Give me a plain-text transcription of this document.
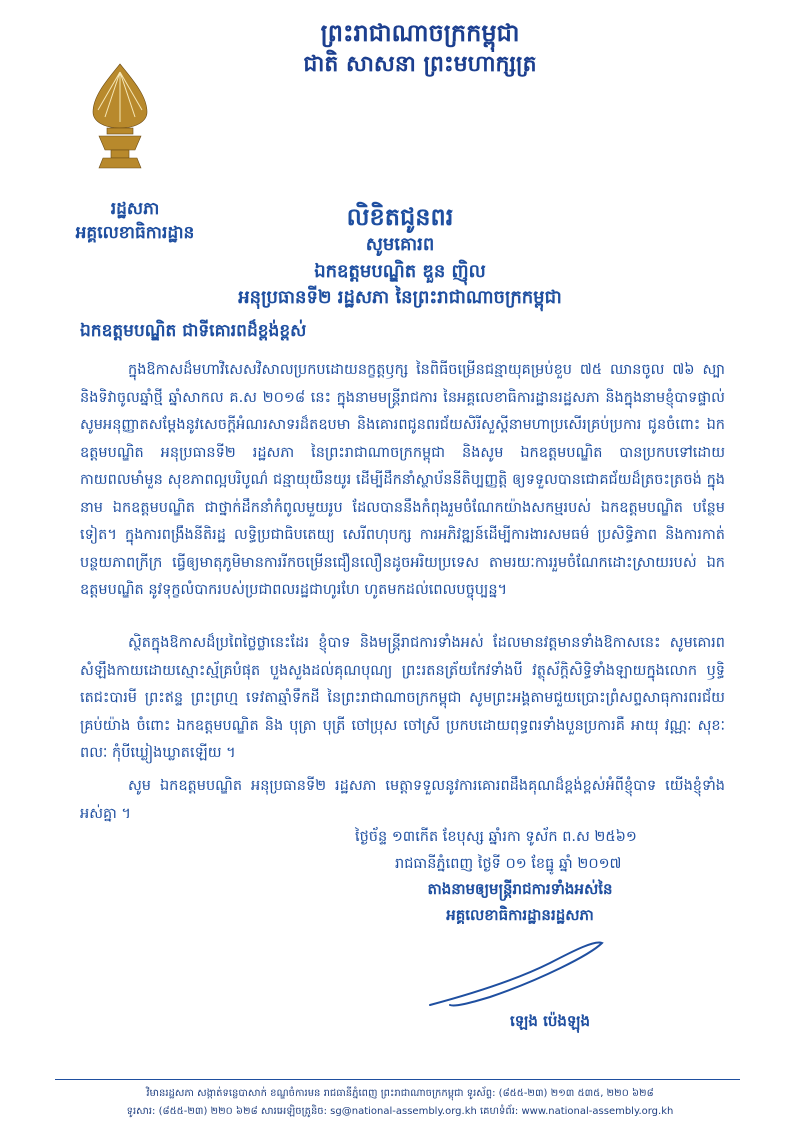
ព្រះរាជាណាចក្រកម្ពុជា
ជាតិ សាសនា ព្រះមហាក្សត្រ
រដ្ឋសភា
អគ្គលេខាធិការដ្ឋាន
លិខិតជូនពរ
សូមគោរព
ឯកឧត្តមបណ្ឌិត ឌួន ញ៉ិល
អនុប្រធានទី២ រដ្ឋសភា នៃព្រះរាជាណាចក្រកម្ពុជា
ឯកឧត្តមបណ្ឌិត ជាទីគោរពដ៏ខ្ពង់ខ្ពស់
ក្នុងឱកាសដ៏មហាវិសេសវិសាលប្រកបដោយនក្ខត្តឫក្ស នៃពិធីចម្រើនជន្មាយុគម្រប់ខួប ៧៥ ឈានចូល ៧៦ ស្បា និងទិវាចូលឆ្នាំថ្មី ឆ្នាំសាកល គ.ស ២០១៨ នេះ ក្នុងនាមមន្ត្រីរាជការ នៃអគ្គលេខាធិការដ្ឋានរដ្ឋសភា និងក្នុងនាមខ្ញុំបាទផ្ទាល់ សូមអនុញ្ញាតសម្តែងនូវសេចក្តីអំណរសាទរដ៏តឧបមា និងគោរពជូនពរជ័យសិរីសួស្តីនាមហាប្រសើរគ្រប់ប្រការ ជូនចំពោះ ឯកឧត្តមបណ្ឌិត អនុប្រធានទី២ រដ្ឋសភា នៃព្រះរាជាណាចក្រកម្ពុជា និងសូម ឯកឧត្តមបណ្ឌិត បានប្រកបទៅដោយកាយពលមាំមួន សុខភាពល្អបរិបូណ៌ ជន្មាយុយឺនយូរ ដើម្បីដឹកនាំស្ថាប័ននីតិប្បញ្ញត្តិ ឲ្យទទួលបានជោគជ័យដ៏ត្រចះត្រចង់ ក្នុងនាម ឯកឧត្តមបណ្ឌិត ជាថ្នាក់ដឹកនាំកំពូលមួយរូប ដែលបាននឹងកំពុងរួមចំណែកយ៉ាងសកម្មរបស់ ឯកឧត្តមបណ្ឌិត បន្ថែមទៀត។ ក្នុងការពង្រឹងនីតិរដ្ឋ លទ្ធិប្រជាធិបតេយ្យ សេរីពហុបក្ស ការអភិវឌ្ឍន៍ដើម្បីការងារសមធម៌ ប្រសិទ្ធិភាព និងការកាត់បន្ថយភាពក្រីក្រ ធ្វើឲ្យមាតុភូមិមានការរីកចម្រើនជឿនលឿនដូចអរិយប្រទេស តាមរយៈការរួមចំណែកដោះស្រាយរបស់ ឯកឧត្តមបណ្ឌិត នូវទុក្ខលំបាករបស់ប្រជាពលរដ្ឋជាហូរហែ ហូតមកដល់ពេលបច្ចុប្បន្ន។
ស្ថិតក្នុងឱកាសដ៏ប្រពៃថ្លៃថ្លានេះដែរ ខ្ញុំបាទ និងមន្ត្រីរាជការទាំងអស់ ដែលមានវត្តមានទាំងឱកាសនេះ សូមគោរពសំឡឹងកាយដោយស្មោះស្ម័គ្របំផុត បួងសួងដល់គុណបុណ្យ ព្រះរតនត្រ័យកែវទាំងបី វត្ថុស័ក្តិសិទ្ធិទាំងឡាយក្នុងលោក ឫទ្ធិតេជះបារមី ព្រះឥន្ទ ព្រះព្រហ្ម ទេវតាឆ្មាំទឹកដី នៃព្រះរាជាណាចក្រកម្ពុជា សូមព្រះអង្គតាមជួយប្រោះព្រំសព្ទសាធុការពរជ័យគ្រប់យ៉ាង ចំពោះ ឯកឧត្តមបណ្ឌិត និង បុត្រា បុត្រី ចៅប្រុស ចៅស្រី ប្រកបដោយពុទ្ធពរទាំងបួនប្រការគឺ អាយុ វណ្ណៈ សុខៈ ពលៈ កុំបីឃ្លៀងឃ្លាតឡើយ ។
សូម ឯកឧត្តមបណ្ឌិត អនុប្រធានទី២ រដ្ឋសភា មេត្តាទទួលនូវការគោរពដឹងគុណដ៏ខ្ពង់ខ្ពស់អំពីខ្ញុំបាទ យើងខ្ញុំទាំងអស់គ្នា ។
ថ្ងៃច័ន្ទ ១៣កើត ខែបុស្ស ឆ្នាំរកា ទូស័ក ព.ស ២៥៦១
រាជធានីភ្នំពេញ ថ្ងៃទី ០១ ខែធ្នូ ឆ្នាំ ២០១៧
តាងនាមឲ្យមន្ត្រីរាជការទាំងអស់នៃ
អគ្គលេខាធិការដ្ឋានរដ្ឋសភា
ឡេង ប៉េងឡុង
វិមានរដ្ឋសភា សង្កាត់ទន្លេបាសាក់ ខណ្ឌចំការមន រាជធានីភ្នំពេញ ព្រះរាជាណាចក្រកម្ពុជា ទូរស័ព្ទ: (៨៥៥-២៣) ២១៣ ៥៣៥, ២២០ ៦២៨
ទូរសារ: (៨៥៥-២៣) ២២០ ៦២៨ សារអេឡិចត្រូនិច: sg@national-assembly.org.kh គេហទំព័រ: www.national-assembly.org.kh
